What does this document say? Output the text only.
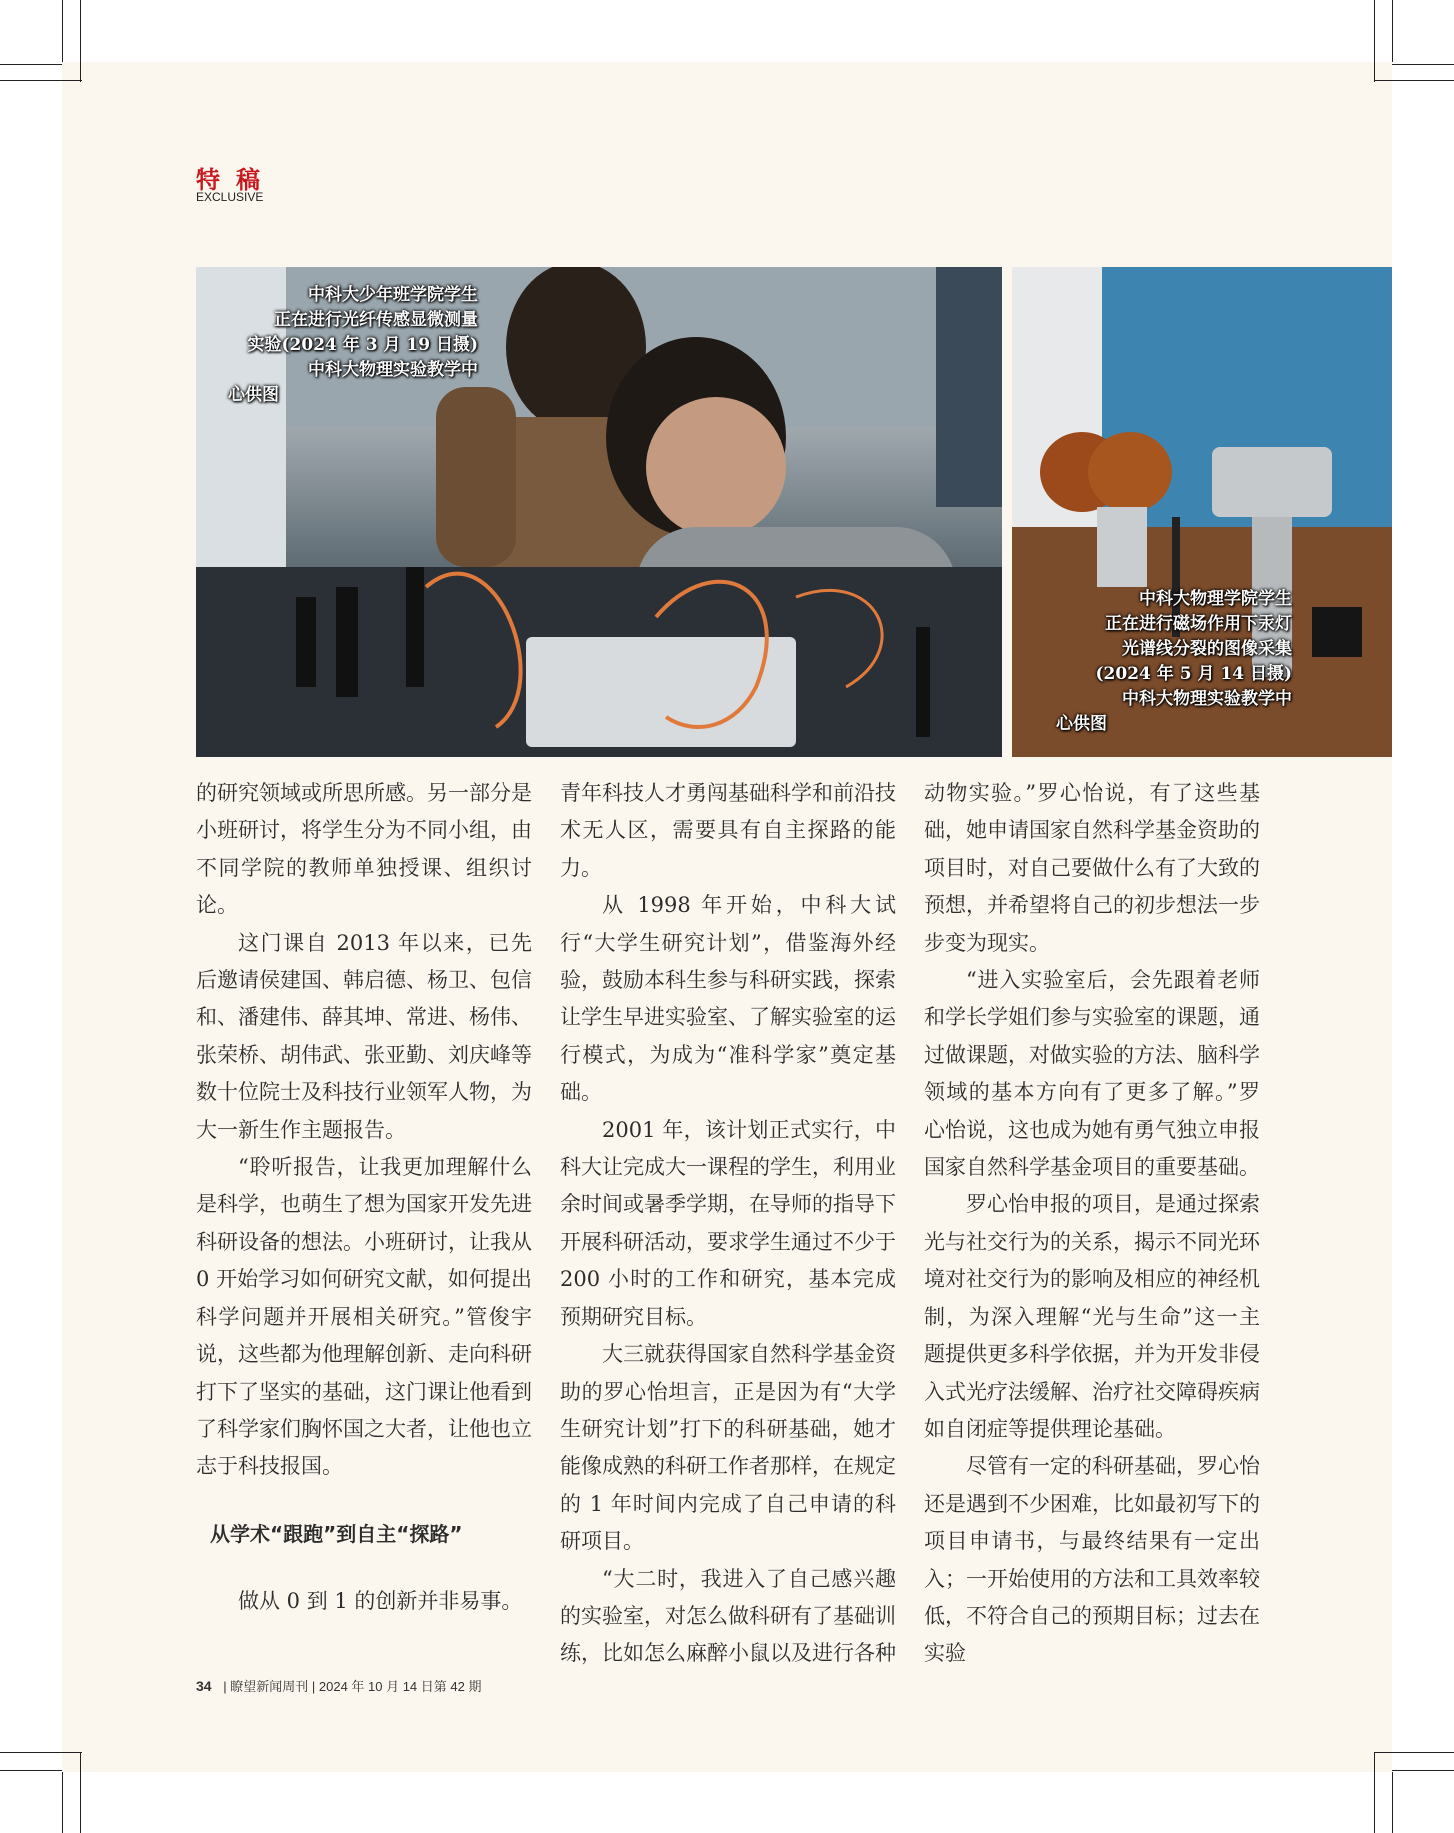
特稿
EXCLUSIVE

中科大少年班学院学生
正在进行光纤传感显微测量
实验(2024 年 3 月 19 日摄)
中科大物理实验教学中
心供图

中科大物理学院学生
正在进行磁场作用下汞灯
光谱线分裂的图像采集
(2024 年 5 月 14 日摄)
中科大物理实验教学中
心供图

的研究领域或所思所感。另一部分是小班研讨，将学生分为不同小组，由不同学院的教师单独授课、组织讨论。

这门课自 2013 年以来，已先后邀请侯建国、韩启德、杨卫、包信和、潘建伟、薛其坤、常进、杨伟、张荣桥、胡伟武、张亚勤、刘庆峰等数十位院士及科技行业领军人物，为大一新生作主题报告。

“聆听报告，让我更加理解什么是科学，也萌生了想为国家开发先进科研设备的想法。小班研讨，让我从 0 开始学习如何研究文献，如何提出科学问题并开展相关研究。”管俊宇说，这些都为他理解创新、走向科研打下了坚实的基础，这门课让他看到了科学家们胸怀国之大者，让他也立志于科技报国。

从学术“跟跑”到自主“探路”

做从 0 到 1 的创新并非易事。

青年科技人才勇闯基础科学和前沿技术无人区，需要具有自主探路的能力。

从 1998 年开始，中科大试行“大学生研究计划”，借鉴海外经验，鼓励本科生参与科研实践，探索让学生早进实验室、了解实验室的运行模式，为成为“准科学家”奠定基础。

2001 年，该计划正式实行，中科大让完成大一课程的学生，利用业余时间或暑季学期，在导师的指导下开展科研活动，要求学生通过不少于 200 小时的工作和研究，基本完成预期研究目标。

大三就获得国家自然科学基金资助的罗心怡坦言，正是因为有“大学生研究计划”打下的科研基础，她才能像成熟的科研工作者那样，在规定的 1 年时间内完成了自己申请的科研项目。

“大二时，我进入了自己感兴趣的实验室，对怎么做科研有了基础训练，比如怎么麻醉小鼠以及进行各种

动物实验。”罗心怡说，有了这些基础，她申请国家自然科学基金资助的项目时，对自己要做什么有了大致的预想，并希望将自己的初步想法一步步变为现实。

“进入实验室后，会先跟着老师和学长学姐们参与实验室的课题，通过做课题，对做实验的方法、脑科学领域的基本方向有了更多了解。”罗心怡说，这也成为她有勇气独立申报国家自然科学基金项目的重要基础。

罗心怡申报的项目，是通过探索光与社交行为的关系，揭示不同光环境对社交行为的影响及相应的神经机制，为深入理解“光与生命”这一主题提供更多科学依据，并为开发非侵入式光疗法缓解、治疗社交障碍疾病如自闭症等提供理论基础。

尽管有一定的科研基础，罗心怡还是遇到不少困难，比如最初写下的项目申请书，与最终结果有一定出入；一开始使用的方法和工具效率较低，不符合自己的预期目标；过去在实验

34 | 瞭望新闻周刊 | 2024 年 10 月 14 日第 42 期
